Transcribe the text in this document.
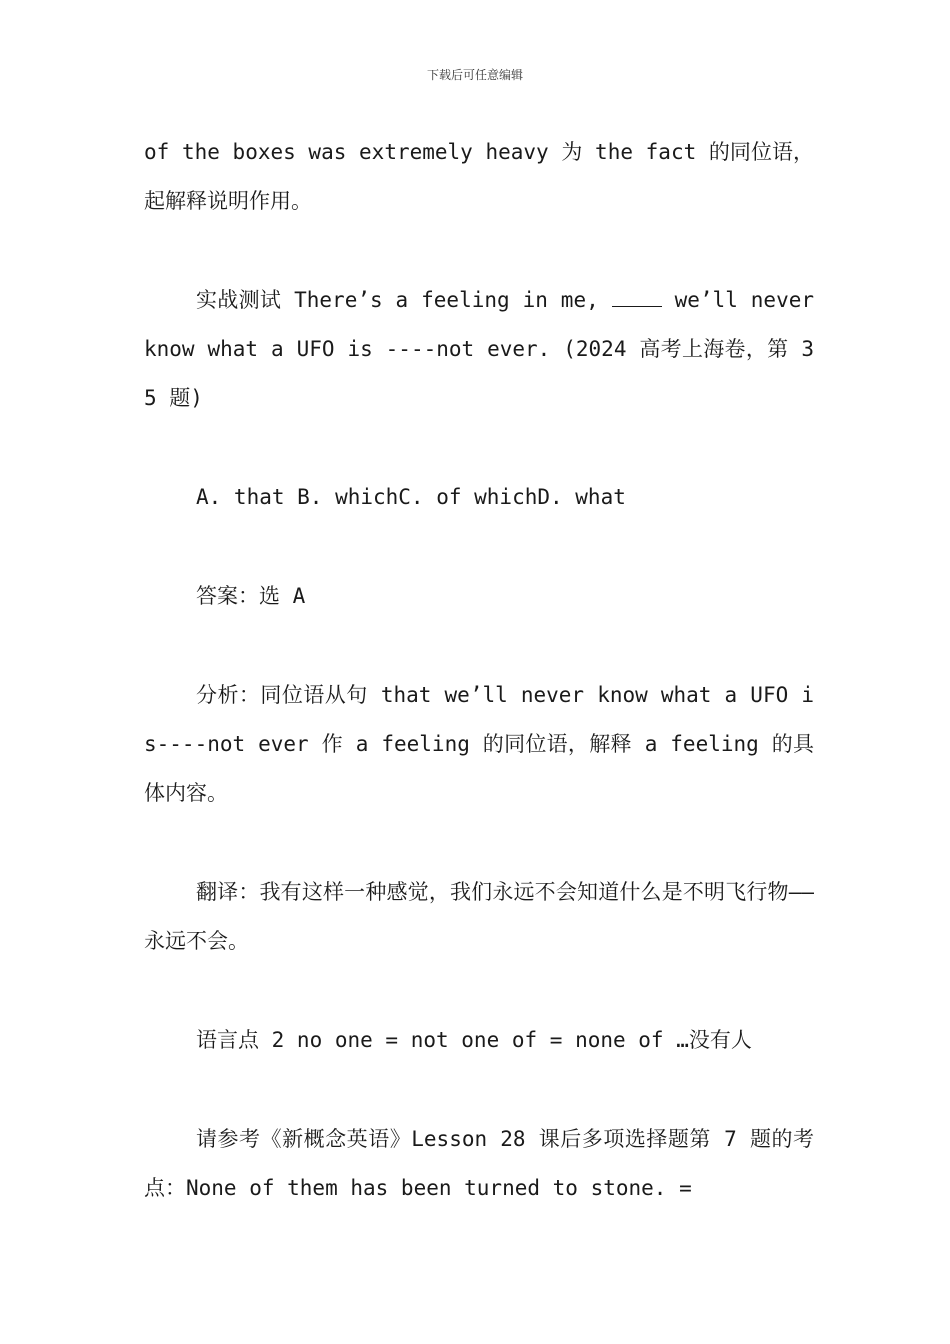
下载后可任意编辑

of the boxes was extremely heavy 为 the fact 的同位语，起解释说明作用。

实战测试 There’s a feeling in me,  we’ll never know what a UFO is ----not ever. (2024 高考上海卷，第 35 题)

A. that B. whichC. of whichD. what

答案：选 A

分析：同位语从句 that we’ll never know what a UFO is----not ever 作 a feeling 的同位语，解释 a feeling 的具体内容。

翻译：我有这样一种感觉，我们永远不会知道什么是不明飞行物——永远不会。

语言点 2 no one = not one of = none of …没有人

请参考《新概念英语》Lesson 28 课后多项选择题第 7 题的考点：None of them has been turned to stone. =
